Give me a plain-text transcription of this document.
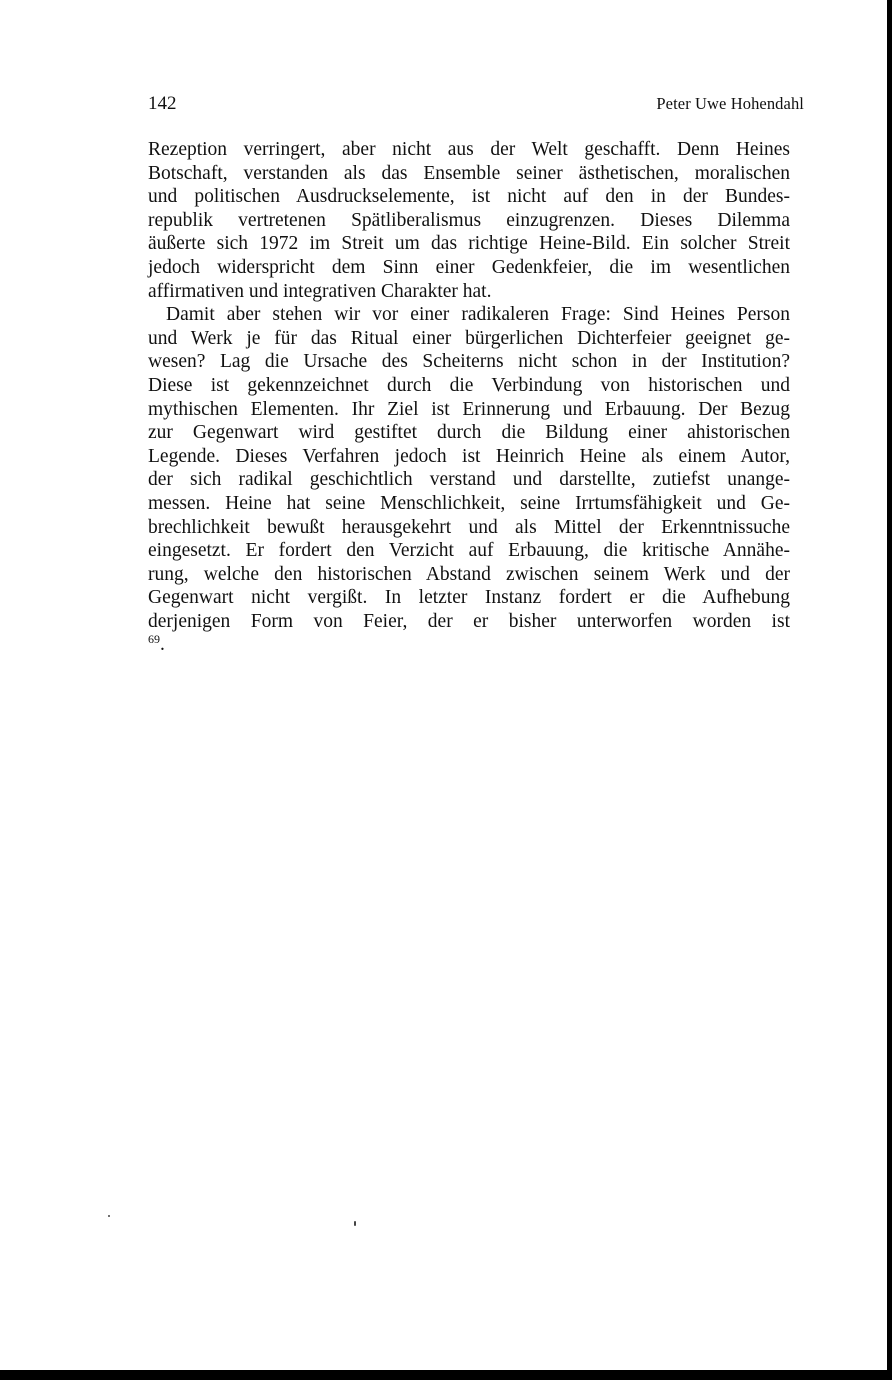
142	Peter Uwe Hohendahl
Rezeption verringert, aber nicht aus der Welt geschafft. Denn Heines
Botschaft, verstanden als das Ensemble seiner ästhetischen, moralischen
und politischen Ausdruckselemente, ist nicht auf den in der Bundes-
republik vertretenen Spätliberalismus einzugrenzen. Dieses Dilemma
äußerte sich 1972 im Streit um das richtige Heine-Bild. Ein solcher Streit
jedoch widerspricht dem Sinn einer Gedenkfeier, die im wesentlichen
affirmativen und integrativen Charakter hat.
Damit aber stehen wir vor einer radikaleren Frage: Sind Heines Person
und Werk je für das Ritual einer bürgerlichen Dichterfeier geeignet ge-
wesen? Lag die Ursache des Scheiterns nicht schon in der Institution?
Diese ist gekennzeichnet durch die Verbindung von historischen und
mythischen Elementen. Ihr Ziel ist Erinnerung und Erbauung. Der Bezug
zur Gegenwart wird gestiftet durch die Bildung einer ahistorischen
Legende. Dieses Verfahren jedoch ist Heinrich Heine als einem Autor,
der sich radikal geschichtlich verstand und darstellte, zutiefst unange-
messen. Heine hat seine Menschlichkeit, seine Irrtumsfähigkeit und Ge-
brechlichkeit bewußt herausgekehrt und als Mittel der Erkenntnissuche
eingesetzt. Er fordert den Verzicht auf Erbauung, die kritische Annähe-
rung, welche den historischen Abstand zwischen seinem Werk und der
Gegenwart nicht vergißt. In letzter Instanz fordert er die Aufhebung
derjenigen Form von Feier, der er bisher unterworfen worden ist
$^{69}$.
